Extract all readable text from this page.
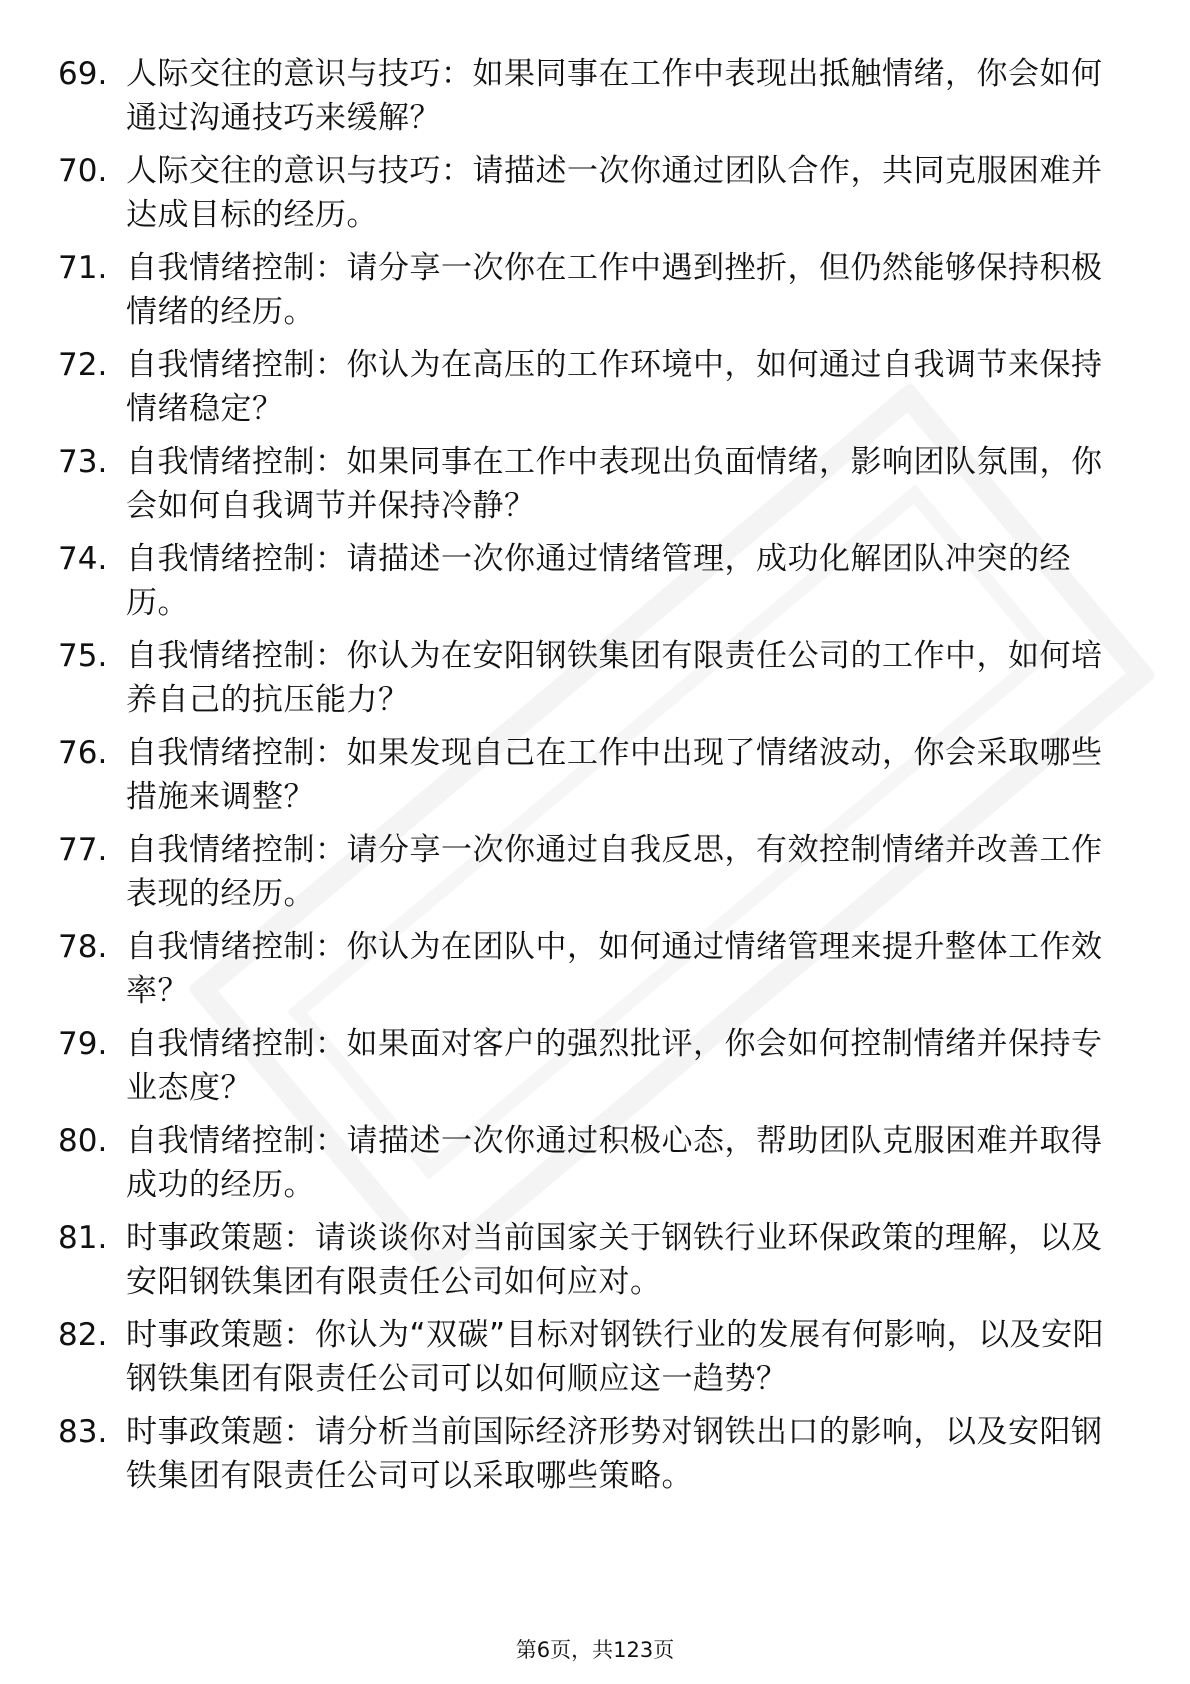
69. 人际交往的意识与技巧：如果同事在工作中表现出抵触情绪，你会如何通过沟通技巧来缓解？
70. 人际交往的意识与技巧：请描述一次你通过团队合作，共同克服困难并达成目标的经历。
71. 自我情绪控制：请分享一次你在工作中遇到挫折，但仍然能够保持积极情绪的经历。
72. 自我情绪控制：你认为在高压的工作环境中，如何通过自我调节来保持情绪稳定？
73. 自我情绪控制：如果同事在工作中表现出负面情绪，影响团队氛围，你会如何自我调节并保持冷静？
74. 自我情绪控制：请描述一次你通过情绪管理，成功化解团队冲突的经历。
75. 自我情绪控制：你认为在安阳钢铁集团有限责任公司的工作中，如何培养自己的抗压能力？
76. 自我情绪控制：如果发现自己在工作中出现了情绪波动，你会采取哪些措施来调整？
77. 自我情绪控制：请分享一次你通过自我反思，有效控制情绪并改善工作表现的经历。
78. 自我情绪控制：你认为在团队中，如何通过情绪管理来提升整体工作效率？
79. 自我情绪控制：如果面对客户的强烈批评，你会如何控制情绪并保持专业态度？
80. 自我情绪控制：请描述一次你通过积极心态，帮助团队克服困难并取得成功的经历。
81. 时事政策题：请谈谈你对当前国家关于钢铁行业环保政策的理解，以及安阳钢铁集团有限责任公司如何应对。
82. 时事政策题：你认为“双碳”目标对钢铁行业的发展有何影响，以及安阳钢铁集团有限责任公司可以如何顺应这一趋势？
83. 时事政策题：请分析当前国际经济形势对钢铁出口的影响，以及安阳钢铁集团有限责任公司可以采取哪些策略。
第6页，共123页
